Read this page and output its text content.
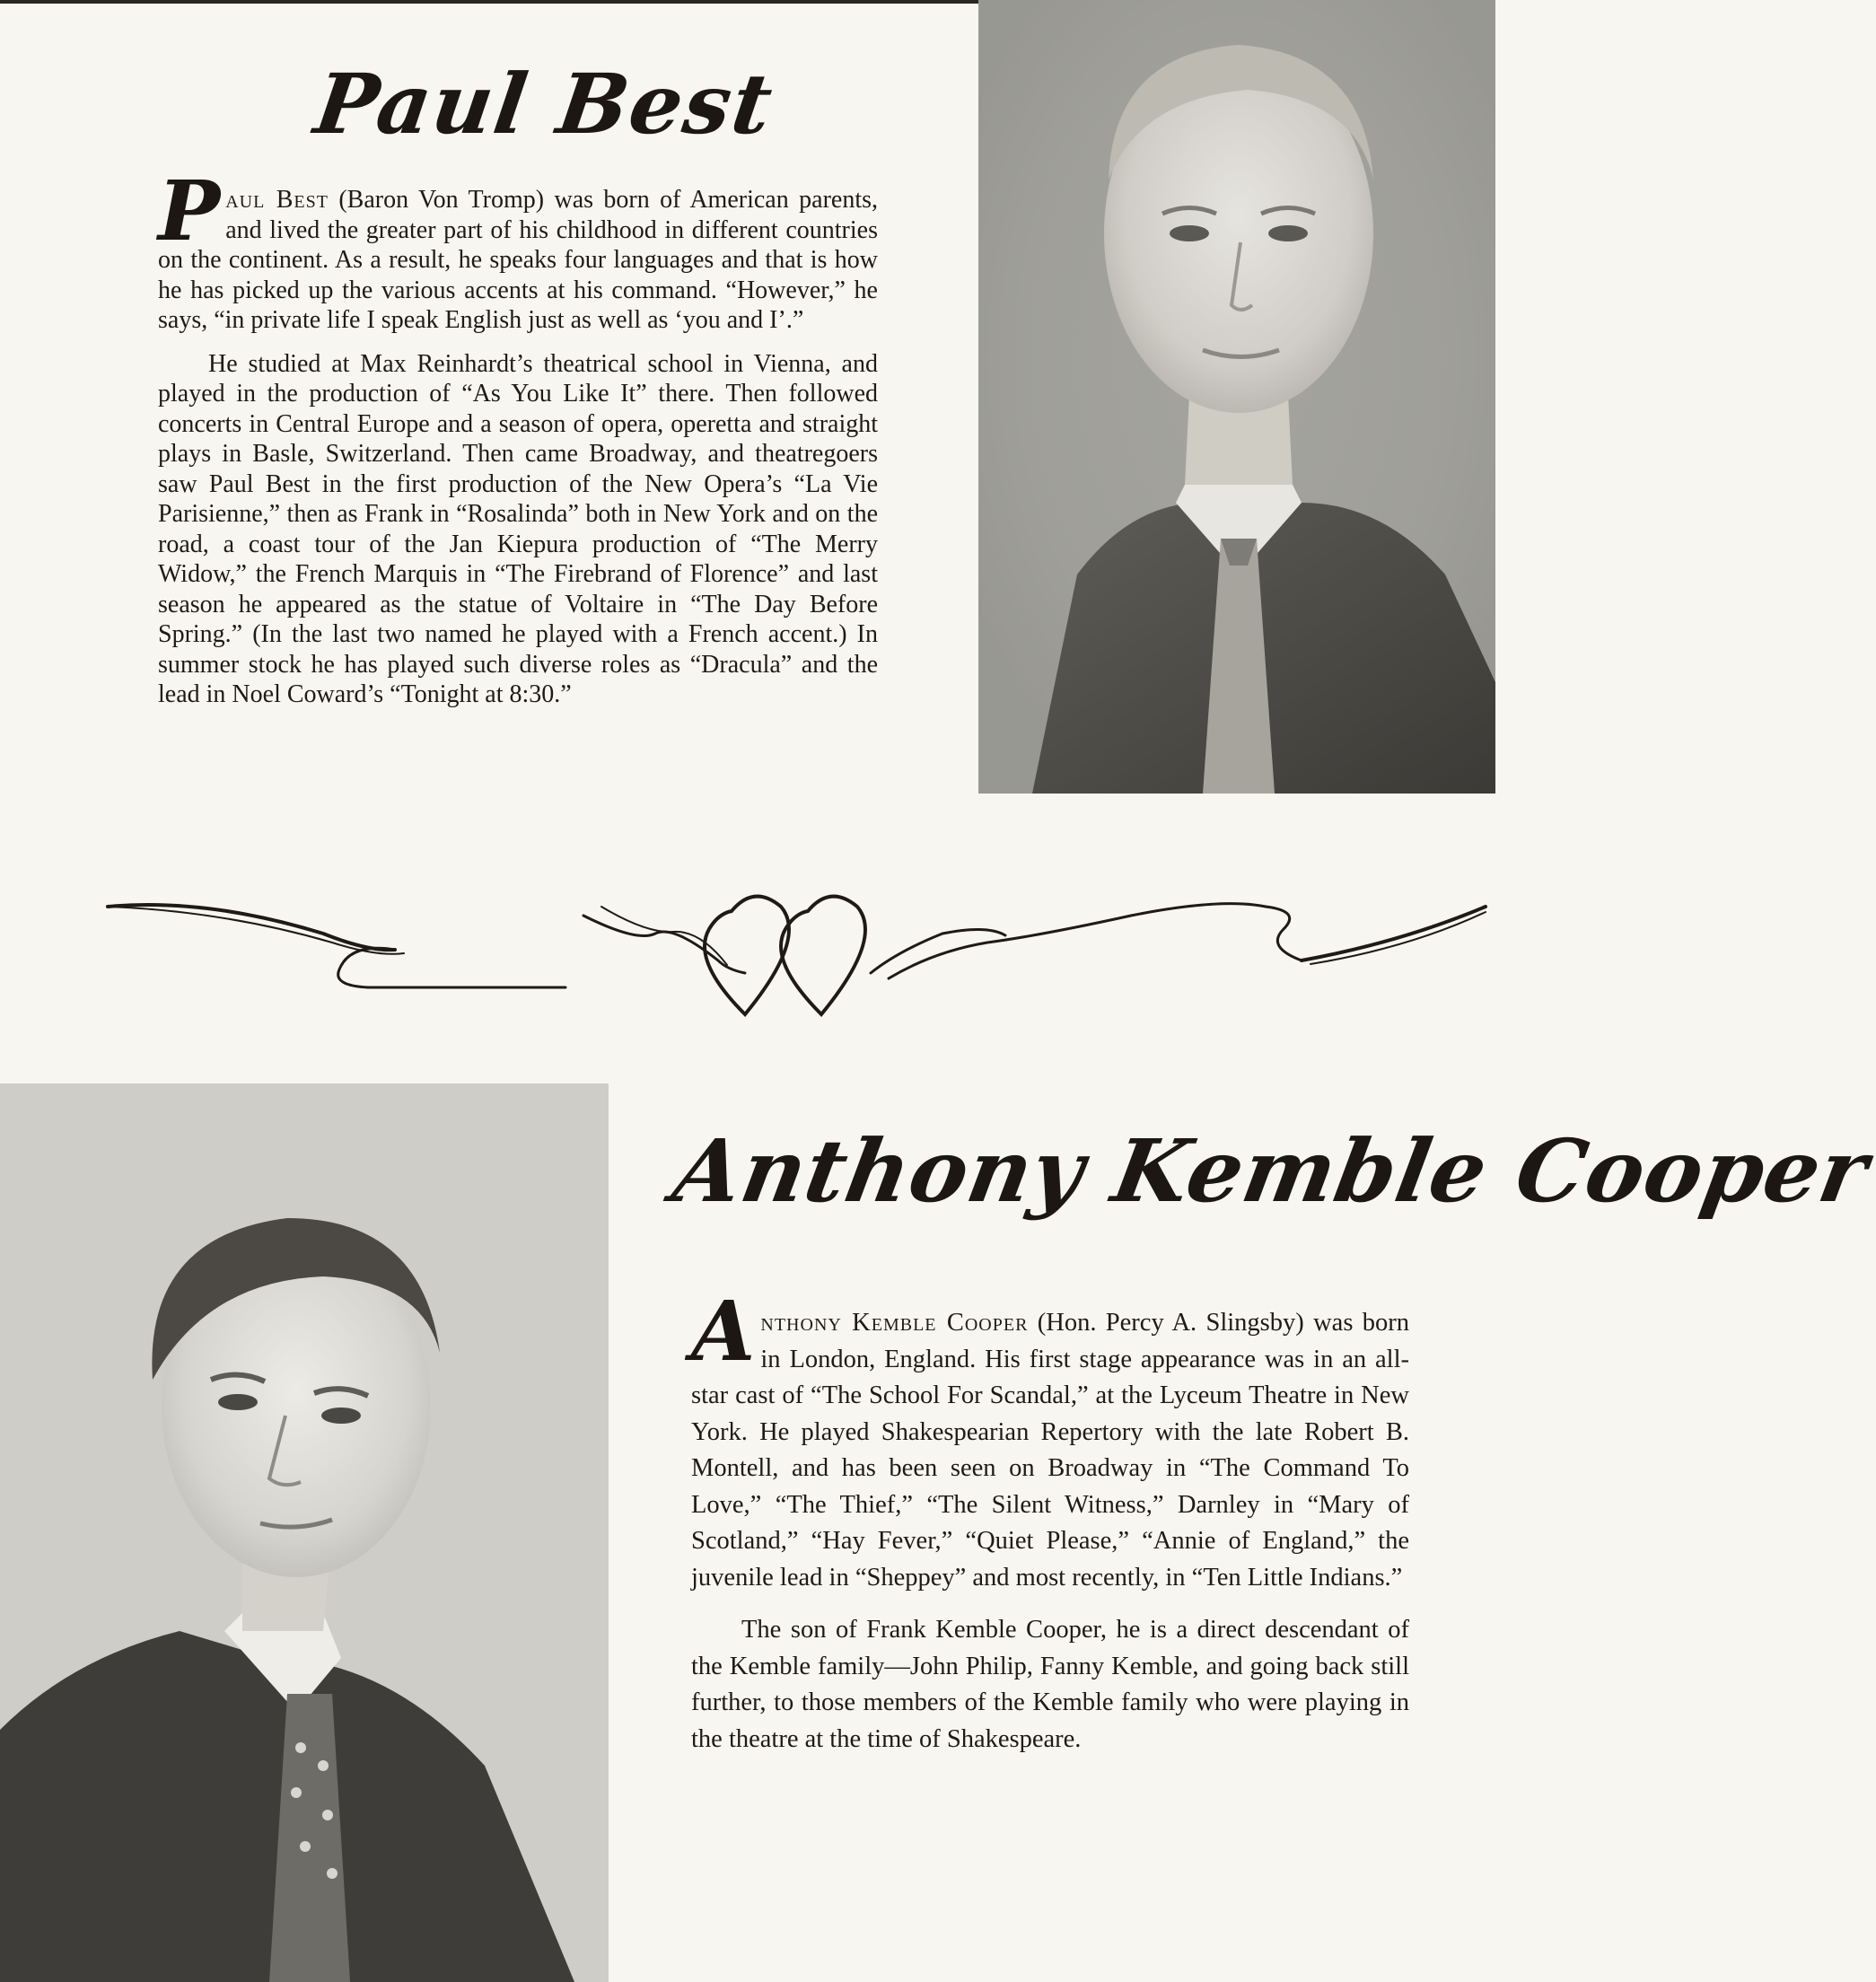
Paul Best

Paul Best (Baron Von Tromp) was born of American parents, and lived the greater part of his childhood in different countries on the continent. As a result, he speaks four languages and that is how he has picked up the various accents at his command. “However,” he says, “in private life I speak English just as well as ‘you and I’.”

He studied at Max Reinhardt’s theatrical school in Vienna, and played in the production of “As You Like It” there. Then followed concerts in Central Europe and a season of opera, operetta and straight plays in Basle, Switzerland. Then came Broadway, and theatregoers saw Paul Best in the first production of the New Opera’s “La Vie Parisienne,” then as Frank in “Rosalinda” both in New York and on the road, a coast tour of the Jan Kiepura production of “The Merry Widow,” the French Marquis in “The Firebrand of Florence” and last season he appeared as the statue of Voltaire in “The Day Before Spring.” (In the last two named he played with a French accent.) In summer stock he has played such diverse roles as “Dracula” and the lead in Noel Coward’s “Tonight at 8:30.”

Anthony Kemble Cooper

Anthony Kemble Cooper (Hon. Percy A. Slingsby) was born in London, England. His first stage appearance was in an all-star cast of “The School For Scandal,” at the Lyceum Theatre in New York. He played Shakespearian Repertory with the late Robert B. Montell, and has been seen on Broadway in “The Command To Love,” “The Thief,” “The Silent Witness,” Darnley in “Mary of Scotland,” “Hay Fever,” “Quiet Please,” “Annie of England,” the juvenile lead in “Sheppey” and most recently, in “Ten Little Indians.”

The son of Frank Kemble Cooper, he is a direct descendant of the Kemble family—John Philip, Fanny Kemble, and going back still further, to those members of the Kemble family who were playing in the theatre at the time of Shakespeare.
